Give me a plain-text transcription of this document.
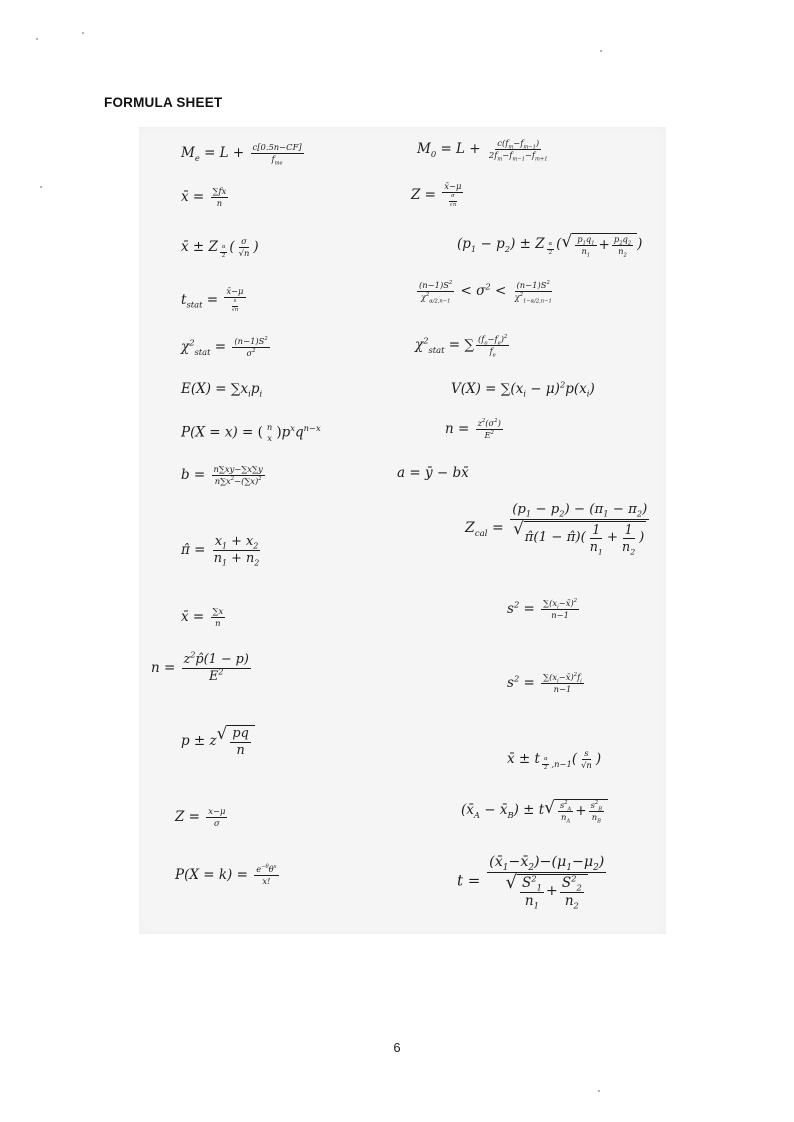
FORMULA SHEET
$M_e = L + \frac{c[0.5n-CF]}{f_{me}}$
x̄ = $\frac{\sum fx}{n}$
x̄ ± Z $_{\frac{\alpha}{2}}$ ( $\frac{\sigma}{√n}$ )
$t_{stat} = \frac{x̄-\mu}{\frac{s}{√n}}$
$\chi^2_{stat} = \frac{(n-1)S^2}{\sigma^2}$
$E(X) = \sum x_ip_i$
P(X = x) = ( n
x )$p^xq^{n-x}$
$b = \frac{n\sum xy-\sum x\sum y}{n\sum x^2-(\sum x)^2}$
π̂ = $\frac{x_1 + x_2}{n_1 + n_2}$
x̄ = $\frac{\sum x}{n}$
$n = \frac{z^2p̂(1 - p)}{E^2}$
p ± z √ $\frac{pq}{n}$
$Z = \frac{x-\mu}{\sigma}$
$P(X = k) = \frac{e^{-\theta}\theta^x}{x!}$
$M_0 = L + \frac{c(f_m-f_{m-1})}{2f_m-f_{m-1}-f_{m+1}}$
$Z = \frac{x̄-\mu}{\frac{\sigma}{√n}}$
$(p_1 - p_2) \pm Z$ $_{\frac{\alpha}{2}}$ ( √ $\frac{p_1q_1}{n_1} + \frac{p_2q_2}{n_2}$ )
$\frac{(n-1)S^2}{\chi^2_{\alpha/2,n-1}} < \sigma^2 < \frac{(n-1)S^2}{\chi^2_{1-\alpha/2,n-1}}$
$\chi^2_{stat}$ = ∑ $\frac{(f_o-f_e)^2}{f_e}$
$V(X) = \sum(x_i - \mu)^2p(x_i)$
$n = \frac{z^2(\sigma^2)}{E^2}$
a = ȳ − bx̄
$Z_{cal} = \frac{(p_1 - p_2) - (\pi_1 - \pi_2)}{√ \pî(1 - \pî)( \frac{1}{n_1} + \frac{1}{n_2} )}$
$s^2 = \frac{\sum(x_i-x̄)^2}{n-1}$
$s^2 = \frac{\sum(x_i-x̄)^2f_i}{n-1}$
x̄ ± t $_{\frac{\alpha}{2} ,n-1}( \frac{s}{√n}$ )
($x̄_A$ − $x̄_B) \pm t$ √ $\frac{s^2_A}{n_A} + \frac{s^2_B}{n_B}$
$t = \frac{(x̄_1-x̄_2)-(\mu_1-\mu_2)}{√ \frac{S^2_1}{n_1} + \frac{S^2_2}{n_2}}$
6
